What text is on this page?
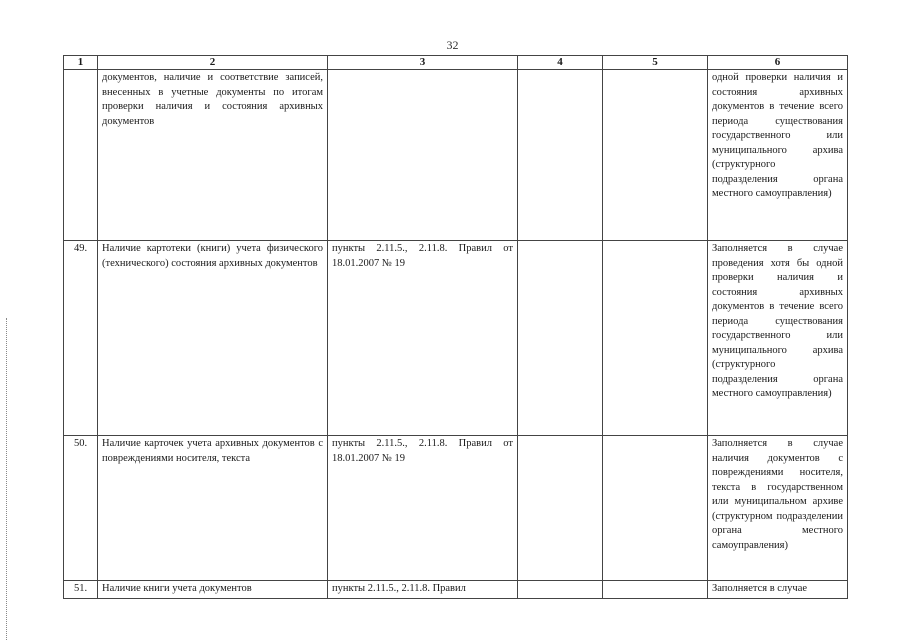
32
1	2	3	4	5	6
	документов, наличие и соответствие записей, внесенных в учетные документы по итогам проверки наличия и состояния архивных документов				одной проверки наличия и состояния архивных документов в течение всего периода существования государственного или муниципального архива (структурного подразделения органа местного самоуправления)
49.	Наличие картотеки (книги) учета физического (технического) состояния архивных документов	пункты 2.11.5., 2.11.8. Правил от 18.01.2007 № 19			Заполняется в случае проведения хотя бы одной проверки наличия и состояния архивных документов в течение всего периода существования государственного или муниципального архива (структурного подразделения органа местного самоуправления)
50.	Наличие карточек учета архивных документов с повреждениями носителя, текста	пункты 2.11.5., 2.11.8. Правил от 18.01.2007 № 19			Заполняется в случае наличия документов с повреждениями носителя, текста в государственном или муниципальном архиве (структурном подразделении органа местного самоуправления)
51.	Наличие книги учета документов	пункты 2.11.5., 2.11.8. Правил			Заполняется в случае
